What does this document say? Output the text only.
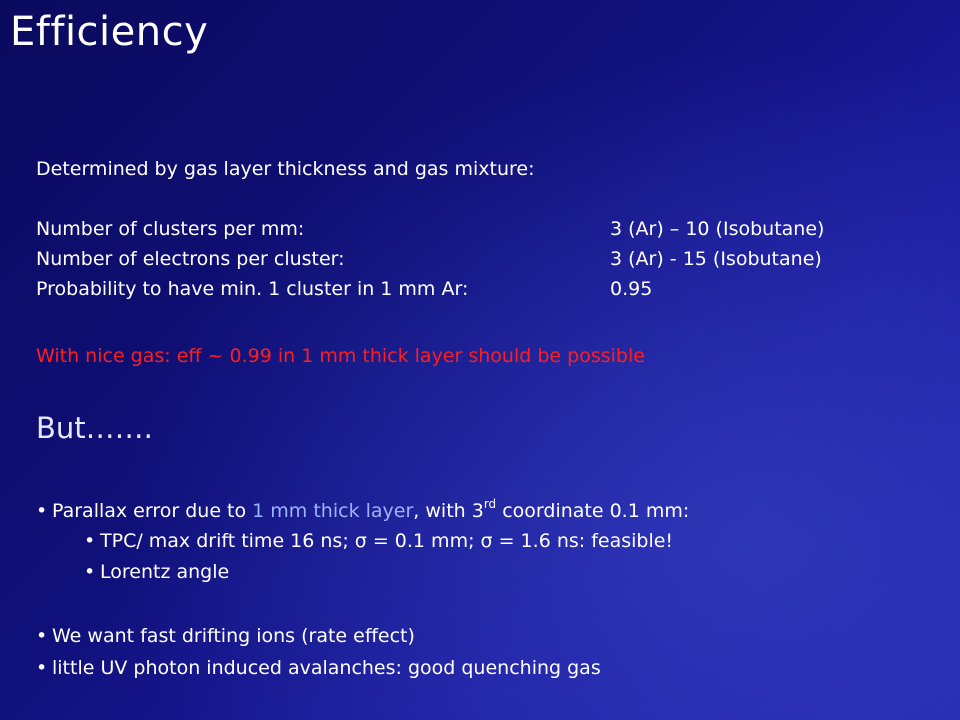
Efficiency
Determined by gas layer thickness and gas mixture:
Number of clusters per mm:	3 (Ar) – 10 (Isobutane)
Number of electrons per cluster:	3 (Ar) - 15 (Isobutane)
Probability to have min. 1 cluster in 1 mm Ar:	0.95
With nice gas: eff ~ 0.99 in 1 mm thick layer should be possible
But…….
• Parallax error due to 1 mm thick layer, with 3rd coordinate 0.1 mm:
• TPC/ max drift time 16 ns; σ = 0.1 mm; σ = 1.6 ns: feasible!
• Lorentz angle
• We want fast drifting ions (rate effect)
• little UV photon induced avalanches: good quenching gas
